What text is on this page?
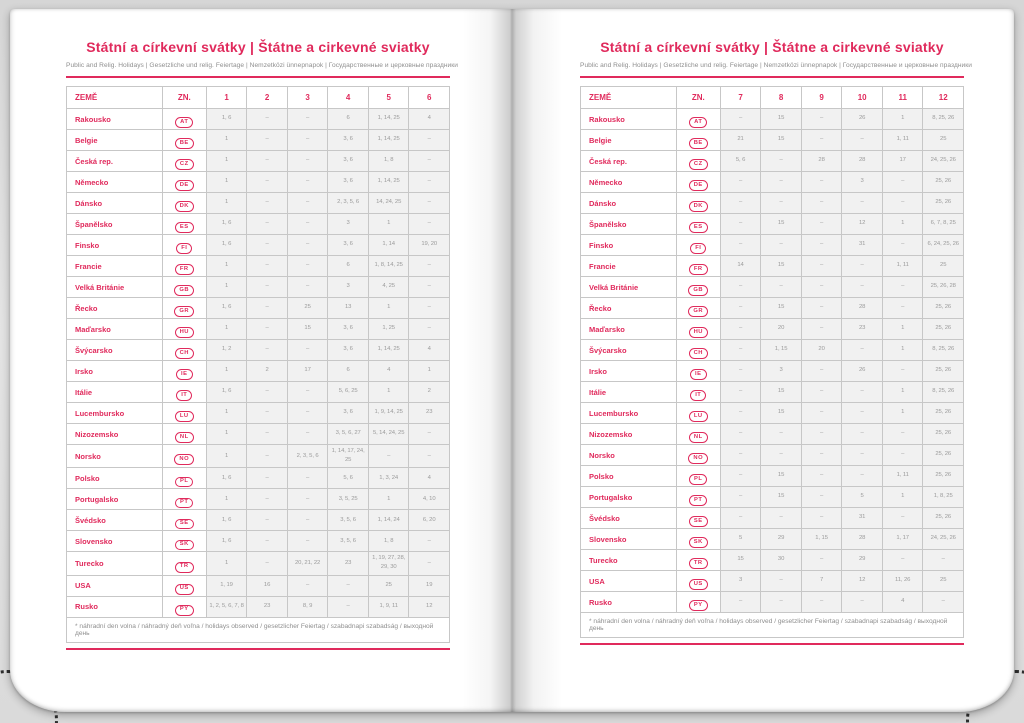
Státní a církevní svátky | Štátne a cirkevné sviatky
Public and Relig. Holidays | Gesetzliche und relig. Feiertage | Nemzetközi ünnepnapok | Государственные и церковные праздники
ZEMĚ	ZN.	1	2	3	4	5	6
Rakousko	AT	1, 6	–	–	6	1, 14, 25	4
Belgie	BE	1	–	–	3, 6	1, 14, 25	–
Česká rep.	CZ	1	–	–	3, 6	1, 8	–
Německo	DE	1	–	–	3, 6	1, 14, 25	–
Dánsko	DK	1	–	–	2, 3, 5, 6	14, 24, 25	–
Španělsko	ES	1, 6	–	–	3	1	–
Finsko	FI	1, 6	–	–	3, 6	1, 14	19, 20
Francie	FR	1	–	–	6	1, 8, 14, 25	–
Velká Británie	GB	1	–	–	3	4, 25	–
Řecko	GR	1, 6	–	25	13	1	–
Maďarsko	HU	1	–	15	3, 6	1, 25	–
Švýcarsko	CH	1, 2	–	–	3, 6	1, 14, 25	4
Irsko	IE	1	2	17	6	4	1
Itálie	IT	1, 6	–	–	5, 6, 25	1	2
Lucembursko	LU	1	–	–	3, 6	1, 9, 14, 25	23
Nizozemsko	NL	1	–	–	3, 5, 6, 27	5, 14, 24, 25	–
Norsko	NO	1	–	2, 3, 5, 6	1, 14, 17, 24, 25	–	–
Polsko	PL	1, 6	–	–	5, 6	1, 3, 24	4
Portugalsko	PT	1	–	–	3, 5, 25	1	4, 10
Švédsko	SE	1, 6	–	–	3, 5, 6	1, 14, 24	6, 20
Slovensko	SK	1, 6	–	–	3, 5, 6	1, 8	–
Turecko	TR	1	–	20, 21, 22	23	1, 19, 27, 28, 29, 30	–
USA	US	1, 19	16	–	–	25	19
Rusko	PY	1, 2, 5, 6, 7, 8	23	8, 9	–	1, 9, 11	12
* náhradní den volna / náhradný deň voľna / holidays observed / gesetzlicher Feiertag / szabadnapi szabadság / выходной день							
Státní a církevní svátky | Štátne a cirkevné sviatky
Public and Relig. Holidays | Gesetzliche und relig. Feiertage | Nemzetközi ünnepnapok | Государственные и церковные праздники
ZEMĚ	ZN.	7	8	9	10	11	12
Rakousko	AT	–	15	–	26	1	8, 25, 26
Belgie	BE	21	15	–	–	1, 11	25
Česká rep.	CZ	5, 6	–	28	28	17	24, 25, 26
Německo	DE	–	–	–	3	–	25, 26
Dánsko	DK	–	–	–	–	–	25, 26
Španělsko	ES	–	15	–	12	1	6, 7, 8, 25
Finsko	FI	–	–	–	31	–	6, 24, 25, 26
Francie	FR	14	15	–	–	1, 11	25
Velká Británie	GB	–	–	–	–	–	25, 26, 28
Řecko	GR	–	15	–	28	–	25, 26
Maďarsko	HU	–	20	–	23	1	25, 26
Švýcarsko	CH	–	1, 15	20	–	1	8, 25, 26
Irsko	IE	–	3	–	26	–	25, 26
Itálie	IT	–	15	–	–	1	8, 25, 26
Lucembursko	LU	–	15	–	–	1	25, 26
Nizozemsko	NL	–	–	–	–	–	25, 26
Norsko	NO	–	–	–	–	–	25, 26
Polsko	PL	–	15	–	–	1, 11	25, 26
Portugalsko	PT	–	15	–	5	1	1, 8, 25
Švédsko	SE	–	–	–	31	–	25, 26
Slovensko	SK	5	29	1, 15	28	1, 17	24, 25, 26
Turecko	TR	15	30	–	29	–	–
USA	US	3	–	7	12	11, 26	25
Rusko	PY	–	–	–	–	4	–
* náhradní den volna / náhradný deň voľna / holidays observed / gesetzlicher Feiertag / szabadnapi szabadság / выходной день							
